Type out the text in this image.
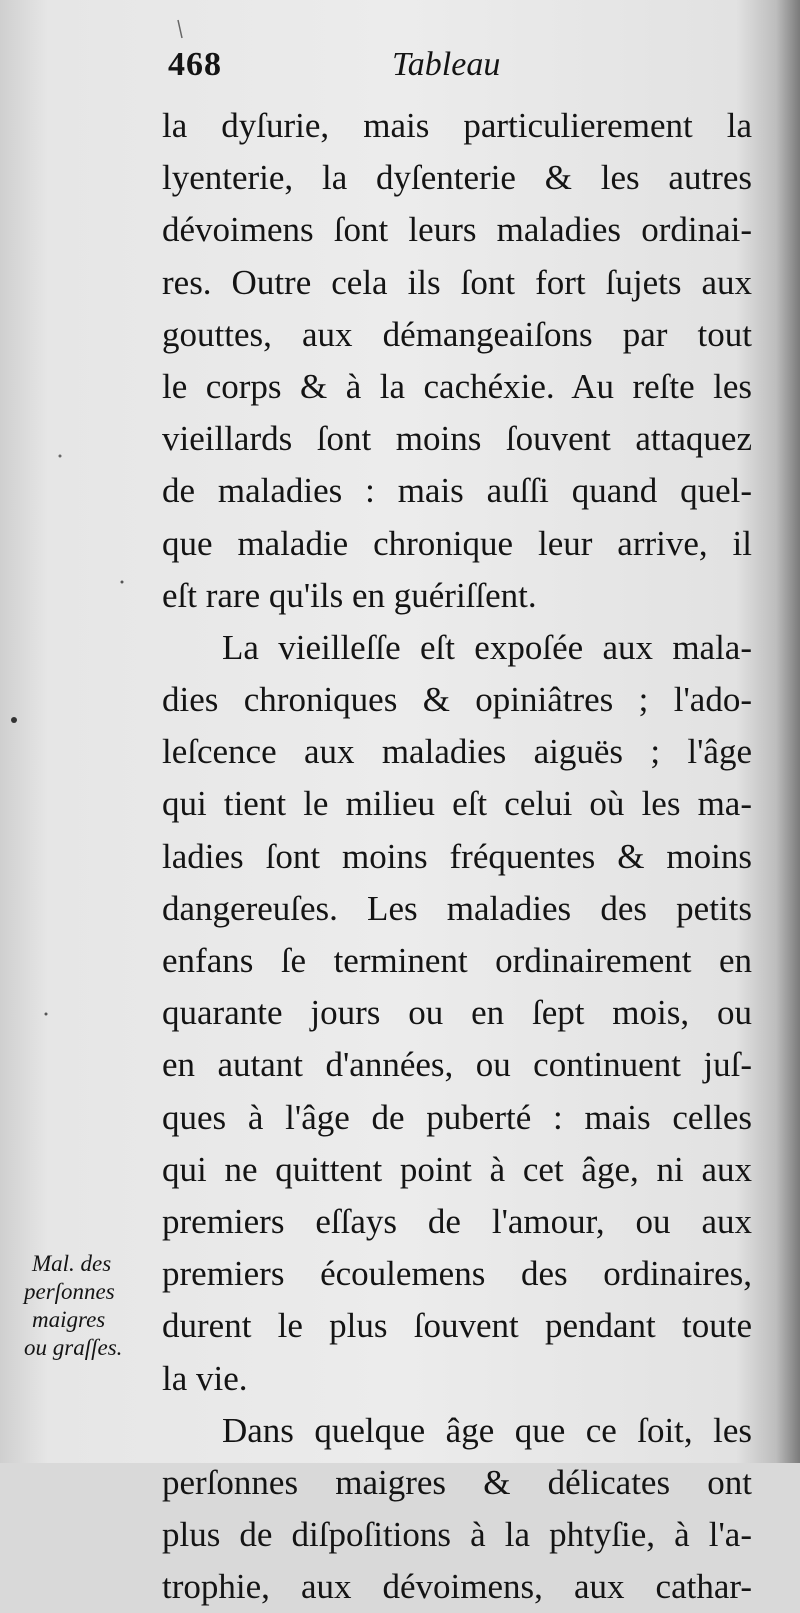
468	Tableau
la dyſurie, mais particulierement la
lyenterie, la dyſenterie & les autres
dévoimens ſont leurs maladies ordinai-
res. Outre cela ils ſont fort ſujets aux
gouttes, aux démangeaiſons par tout
le corps & à la cachéxie. Au reſte les
vieillards ſont moins ſouvent attaquez
de maladies : mais auſſi quand quel-
que maladie chronique leur arrive, il
eſt rare qu'ils en guériſſent.
La vieilleſſe eſt expoſée aux mala-
dies chroniques & opiniâtres ; l'ado-
leſcence aux maladies aiguës ; l'âge
qui tient le milieu eſt celui où les ma-
ladies ſont moins fréquentes & moins
dangereuſes. Les maladies des petits
enfans ſe terminent ordinairement en
quarante jours ou en ſept mois, ou
en autant d'années, ou continuent juſ-
ques à l'âge de puberté : mais celles
qui ne quittent point à cet âge, ni aux
premiers eſſays de l'amour, ou aux
premiers écoulemens des ordinaires,
durent le plus ſouvent pendant toute
la vie.
Dans quelque âge que ce ſoit, les
perſonnes maigres & délicates ont
plus de diſpoſitions à la phtyſie, à l'a-
trophie, aux dévoimens, aux cathar-
Mal. des
perſonnes
maigres
ou graſſes.
